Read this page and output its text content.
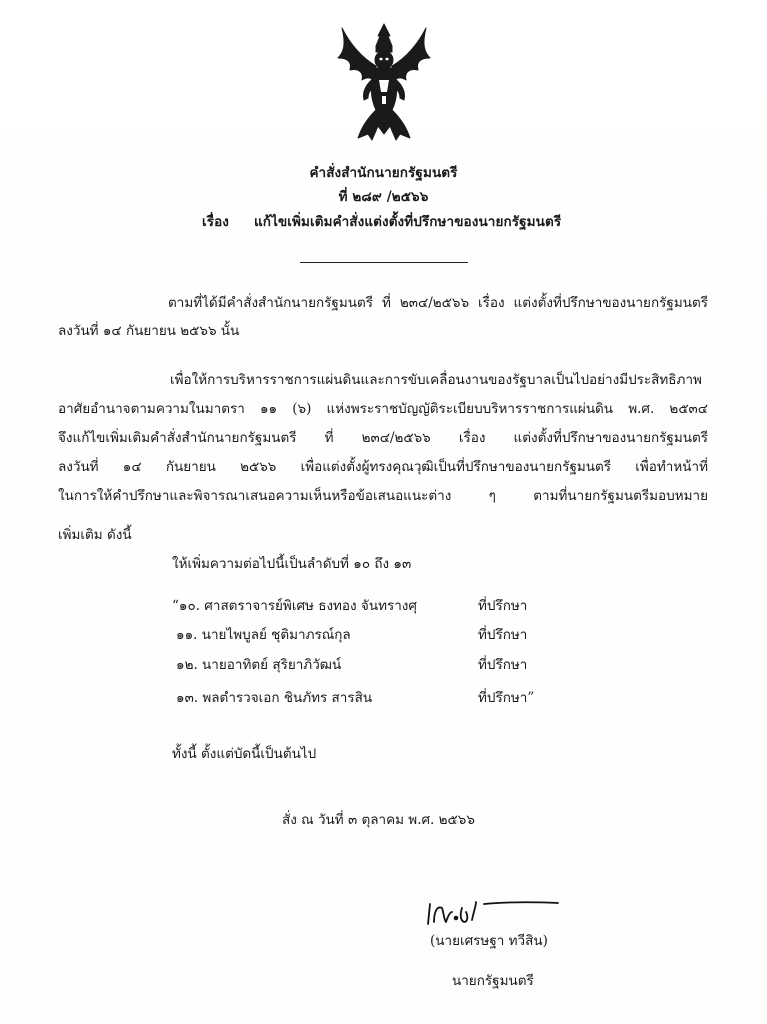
คำสั่งสำนักนายกรัฐมนตรี
ที่ ๒๘๙ /๒๕๖๖
เรื่อง แก้ไขเพิ่มเติมคำสั่งแต่งตั้งที่ปรึกษาของนายกรัฐมนตรี
ตามที่ได้มีคำสั่งสำนักนายกรัฐมนตรี ที่ ๒๓๔/๒๕๖๖ เรื่อง แต่งตั้งที่ปรึกษาของนายกรัฐมนตรี
ลงวันที่ ๑๔ กันยายน ๒๕๖๖ นั้น
เพื่อให้การบริหารราชการแผ่นดินและการขับเคลื่อนงานของรัฐบาลเป็นไปอย่างมีประสิทธิภาพ
อาศัยอำนาจตามความในมาตรา ๑๑ (๖) แห่งพระราชบัญญัติระเบียบบริหารราชการแผ่นดิน พ.ศ. ๒๕๓๔
จึงแก้ไขเพิ่มเติมคำสั่งสำนักนายกรัฐมนตรี ที่ ๒๓๔/๒๕๖๖ เรื่อง แต่งตั้งที่ปรึกษาของนายกรัฐมนตรี
ลงวันที่ ๑๔ กันยายน ๒๕๖๖ เพื่อแต่งตั้งผู้ทรงคุณวุฒิเป็นที่ปรึกษาของนายกรัฐมนตรี เพื่อทำหน้าที่
ในการให้คำปรึกษาและพิจารณาเสนอความเห็นหรือข้อเสนอแนะต่าง ๆ ตามที่นายกรัฐมนตรีมอบหมาย
เพิ่มเติม ดังนี้
ให้เพิ่มความต่อไปนี้เป็นลำดับที่ ๑๐ ถึง ๑๓
“๑๐. ศาสตราจารย์พิเศษ ธงทอง จันทรางศุ	ที่ปรึกษา
๑๑. นายไพบูลย์ ชุติมาภรณ์กุล	ที่ปรึกษา
๑๒. นายอาทิตย์ สุริยาภิวัฒน์	ที่ปรึกษา
๑๓. พลตำรวจเอก ชินภัทร สารสิน	ที่ปรึกษา”
ทั้งนี้ ตั้งแต่บัดนี้เป็นต้นไป
สั่ง ณ วันที่ ๓ ตุลาคม พ.ศ. ๒๕๖๖
(นายเศรษฐา ทวีสิน)
นายกรัฐมนตรี
